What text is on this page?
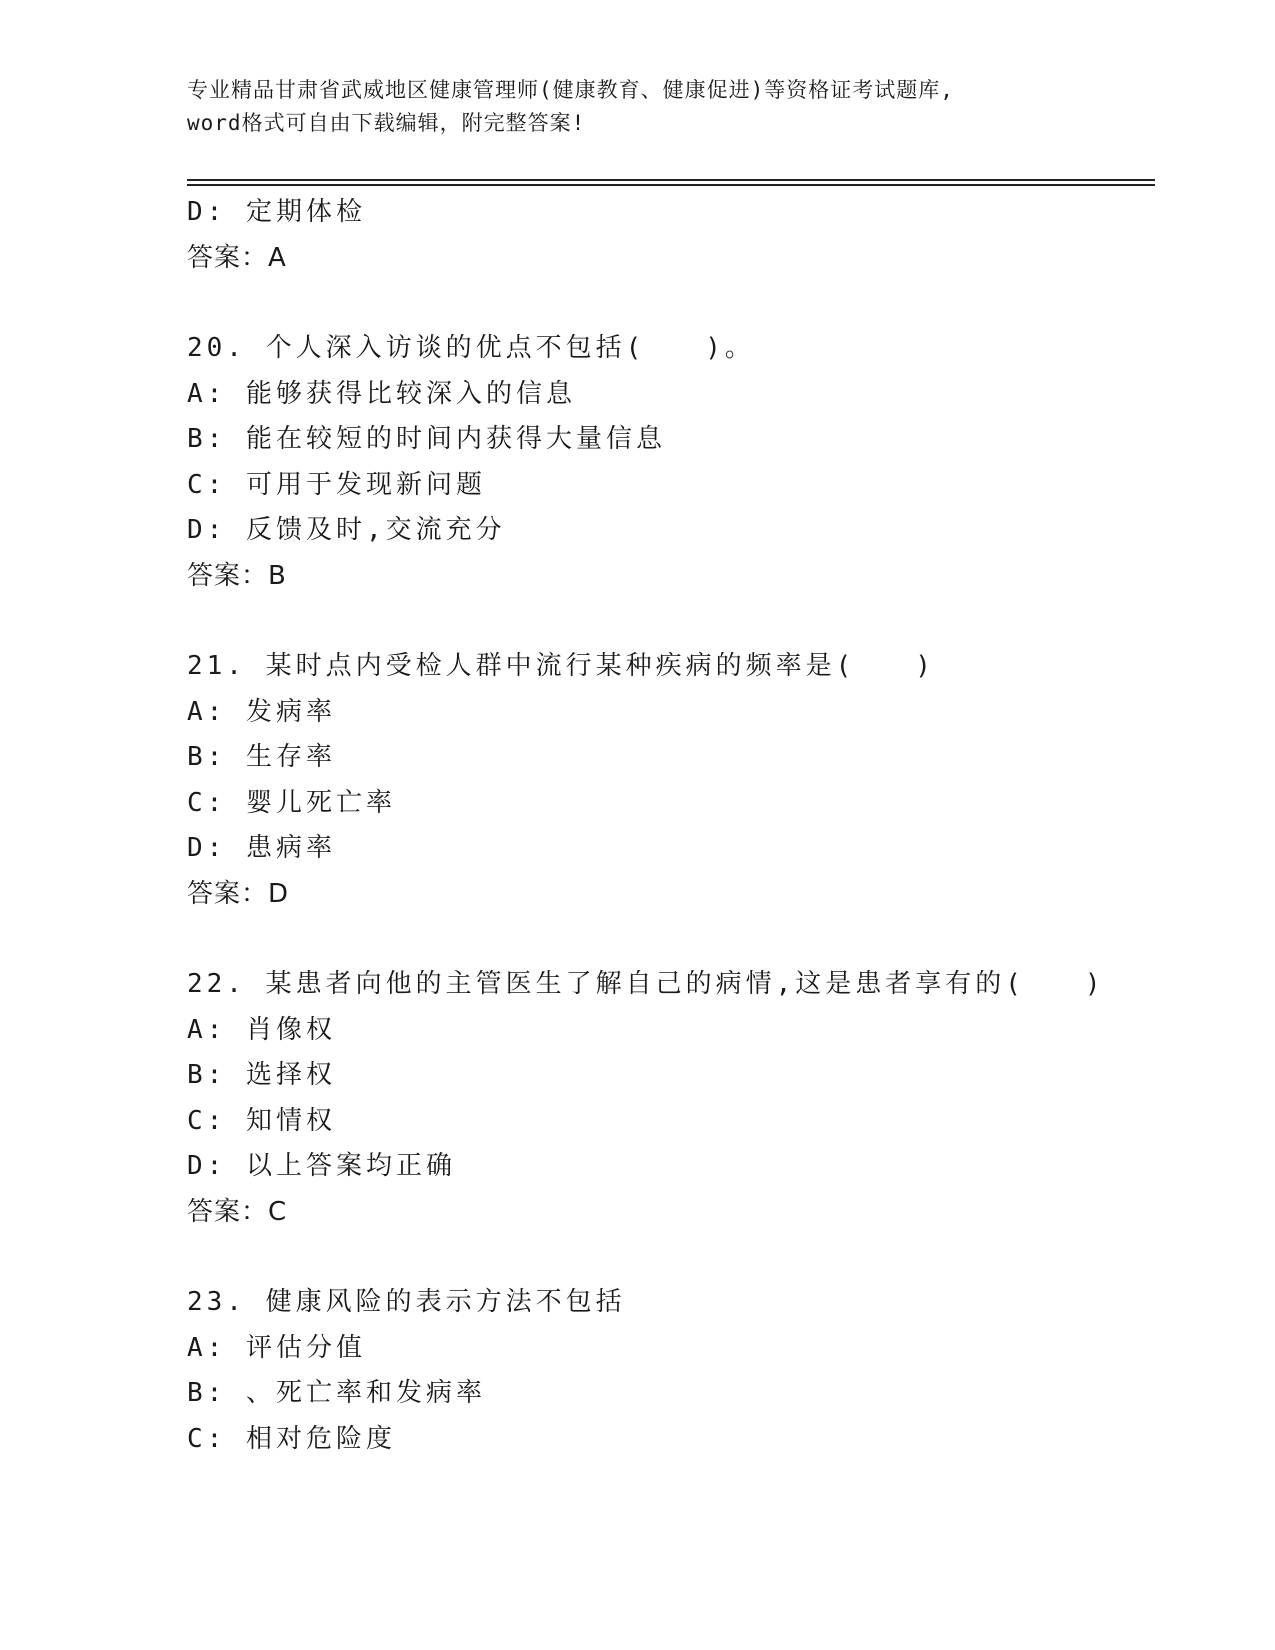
专业精品甘肃省武威地区健康管理师(健康教育、健康促进)等资格证考试题库,
word格式可自由下载编辑，附完整答案!
D: 定期体检
答案：A
20. 个人深入访谈的优点不包括(　　)。
A: 能够获得比较深入的信息
B: 能在较短的时间内获得大量信息
C: 可用于发现新问题
D: 反馈及时,交流充分
答案：B
21. 某时点内受检人群中流行某种疾病的频率是(　　)
A: 发病率
B: 生存率
C: 婴儿死亡率
D: 患病率
答案：D
22. 某患者向他的主管医生了解自己的病情,这是患者享有的(　　)
A: 肖像权
B: 选择权
C: 知情权
D: 以上答案均正确
答案：C
23. 健康风险的表示方法不包括
A: 评估分值
B: 、死亡率和发病率
C: 相对危险度
